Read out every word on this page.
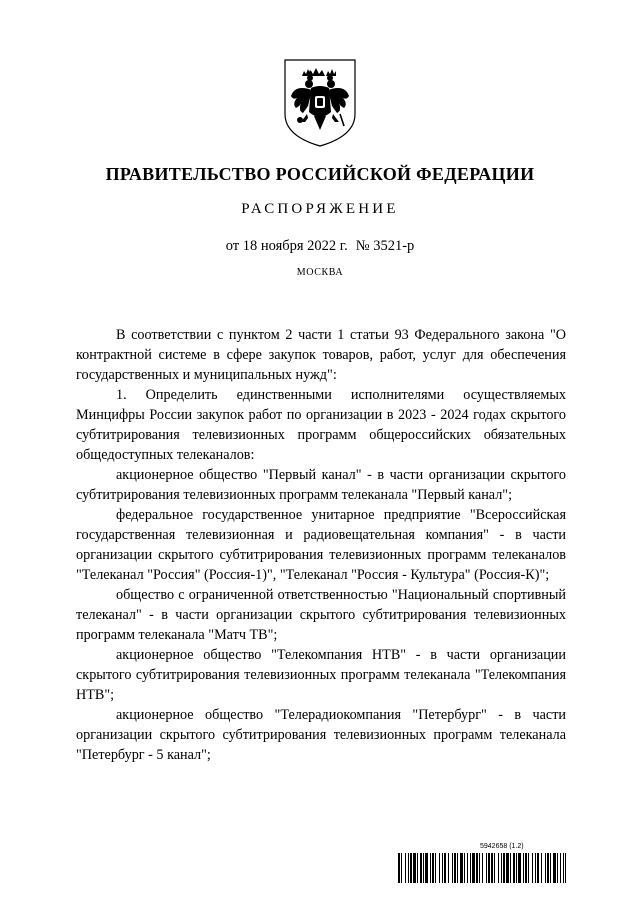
ПРАВИТЕЛЬСТВО РОССИЙСКОЙ ФЕДЕРАЦИИ
РАСПОРЯЖЕНИЕ
от 18 ноября 2022 г. № 3521-р
МОСКВА

В соответствии с пунктом 2 части 1 статьи 93 Федерального закона "О контрактной системе в сфере закупок товаров, работ, услуг для обеспечения государственных и муниципальных нужд":

1. Определить единственными исполнителями осуществляемых Минцифры России закупок работ по организации в 2023 - 2024 годах скрытого субтитрирования телевизионных программ общероссийских обязательных общедоступных телеканалов:

акционерное общество "Первый канал" - в части организации скрытого субтитрирования телевизионных программ телеканала "Первый канал";

федеральное государственное унитарное предприятие "Всероссийская государственная телевизионная и радиовещательная компания" - в части организации скрытого субтитрирования телевизионных программ телеканалов "Телеканал "Россия" (Россия-1)", "Телеканал "Россия - Культура" (Россия-К)";

общество с ограниченной ответственностью "Национальный спортивный телеканал" - в части организации скрытого субтитрирования телевизионных программ телеканала "Матч ТВ";

акционерное общество "Телекомпания НТВ" - в части организации скрытого субтитрирования телевизионных программ телеканала "Телекомпания НТВ";

акционерное общество "Телерадиокомпания "Петербург" - в части организации скрытого субтитрирования телевизионных программ телеканала "Петербург - 5 канал";

5942658 (1.2)
